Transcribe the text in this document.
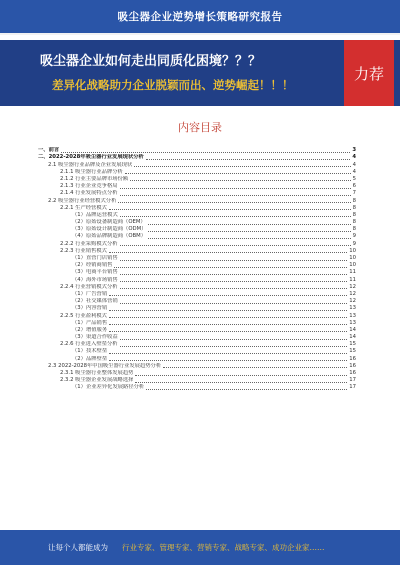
吸尘器企业逆势增长策略研究报告
吸尘器企业如何走出同质化困境？？？
差异化战略助力企业脱颖而出、逆势崛起！！！
力荐
内容目录
一、前言	3
二、2022-2028年吸尘器行业发展现状分析	4
2.1 吸尘器行业品牌及企业发展现状	4
2.1.1 吸尘器行业品牌分析	4
2.1.2 行业主要品牌市场份额	5
2.1.3 行业企业竞争格局	6
2.1.4 行业发展特点分析	7
2.2 吸尘器行业经营模式分析	8
2.2.1 生产经营模式	8
（1）品牌运营模式	8
（2）原始设备制造商（OEM）	8
（3）原始设计制造商（ODM）	8
（4）原始品牌制造商（OBM）	9
2.2.2 行业采购模式分析	9
2.2.3 行业销售模式	10
（1）直营门店销售	10
（2）经销商销售	10
（3）电商平台销售	11
（4）海外市场销售	11
2.2.4 行业营销模式分析	12
（1）广告营销	12
（2）社交媒体营销	12
（3）内容营销	13
2.2.5 行业盈利模式	13
（1）产品销售	13
（2）增值服务	14
（3）渠道合作收益	14
2.2.6 行业进入壁垒分析	15
（1）技术壁垒	15
（2）品牌壁垒	16
2.3 2022-2028年中国吸尘器行业发展趋势分析	16
2.3.1 吸尘器行业整体发展趋势	16
2.3.2 吸尘器企业发展战略选择	17
（1）企业差异化发展路径分析	17
让每个人都能成为 行业专家、管理专家、营销专家、战略专家、成功企业家……
